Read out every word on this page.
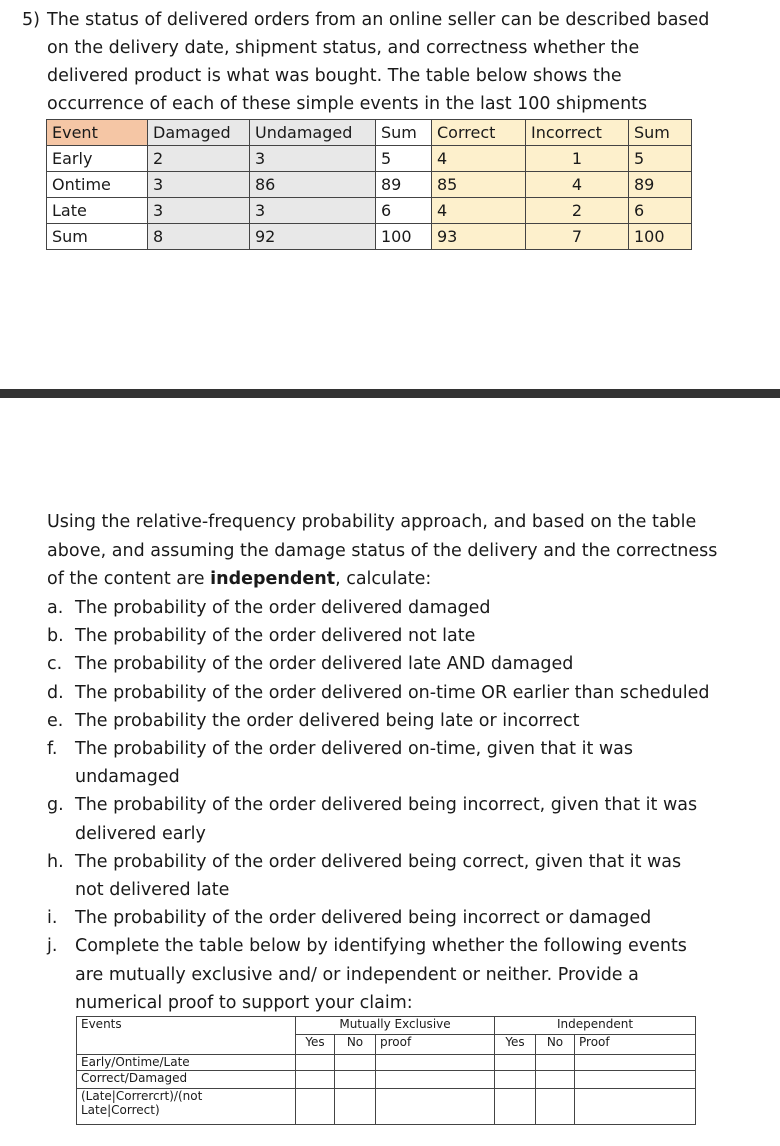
5) The status of delivered orders from an online seller can be described based
on the delivery date, shipment status, and correctness whether the
delivered product is what was bought. The table below shows the
occurrence of each of these simple events in the last 100 shipments
Event	Damaged	Undamaged	Sum	Correct	Incorrect	Sum
Early	2	3	5	4	1	5
Ontime	3	86	89	85	4	89
Late	3	3	6	4	2	6
Sum	8	92	100	93	7	100
Using the relative-frequency probability approach, and based on the table
above, and assuming the damage status of the delivery and the correctness
of the content are independent, calculate:
a. The probability of the order delivered damaged
b. The probability of the order delivered not late
c. The probability of the order delivered late AND damaged
d. The probability of the order delivered on-time OR earlier than scheduled
e. The probability the order delivered being late or incorrect
f. The probability of the order delivered on-time, given that it was
undamaged
g. The probability of the order delivered being incorrect, given that it was
delivered early
h. The probability of the order delivered being correct, given that it was
not delivered late
i. The probability of the order delivered being incorrect or damaged
j. Complete the table below by identifying whether the following events
are mutually exclusive and/ or independent or neither. Provide a
numerical proof to support your claim:
Events	Mutually Exclusive			Independent		
	Yes	No	proof	Yes	No	Proof
Early/Ontime/Late						
Correct/Damaged						
(Late|Corrercrt)/(not
Late|Correct)						
